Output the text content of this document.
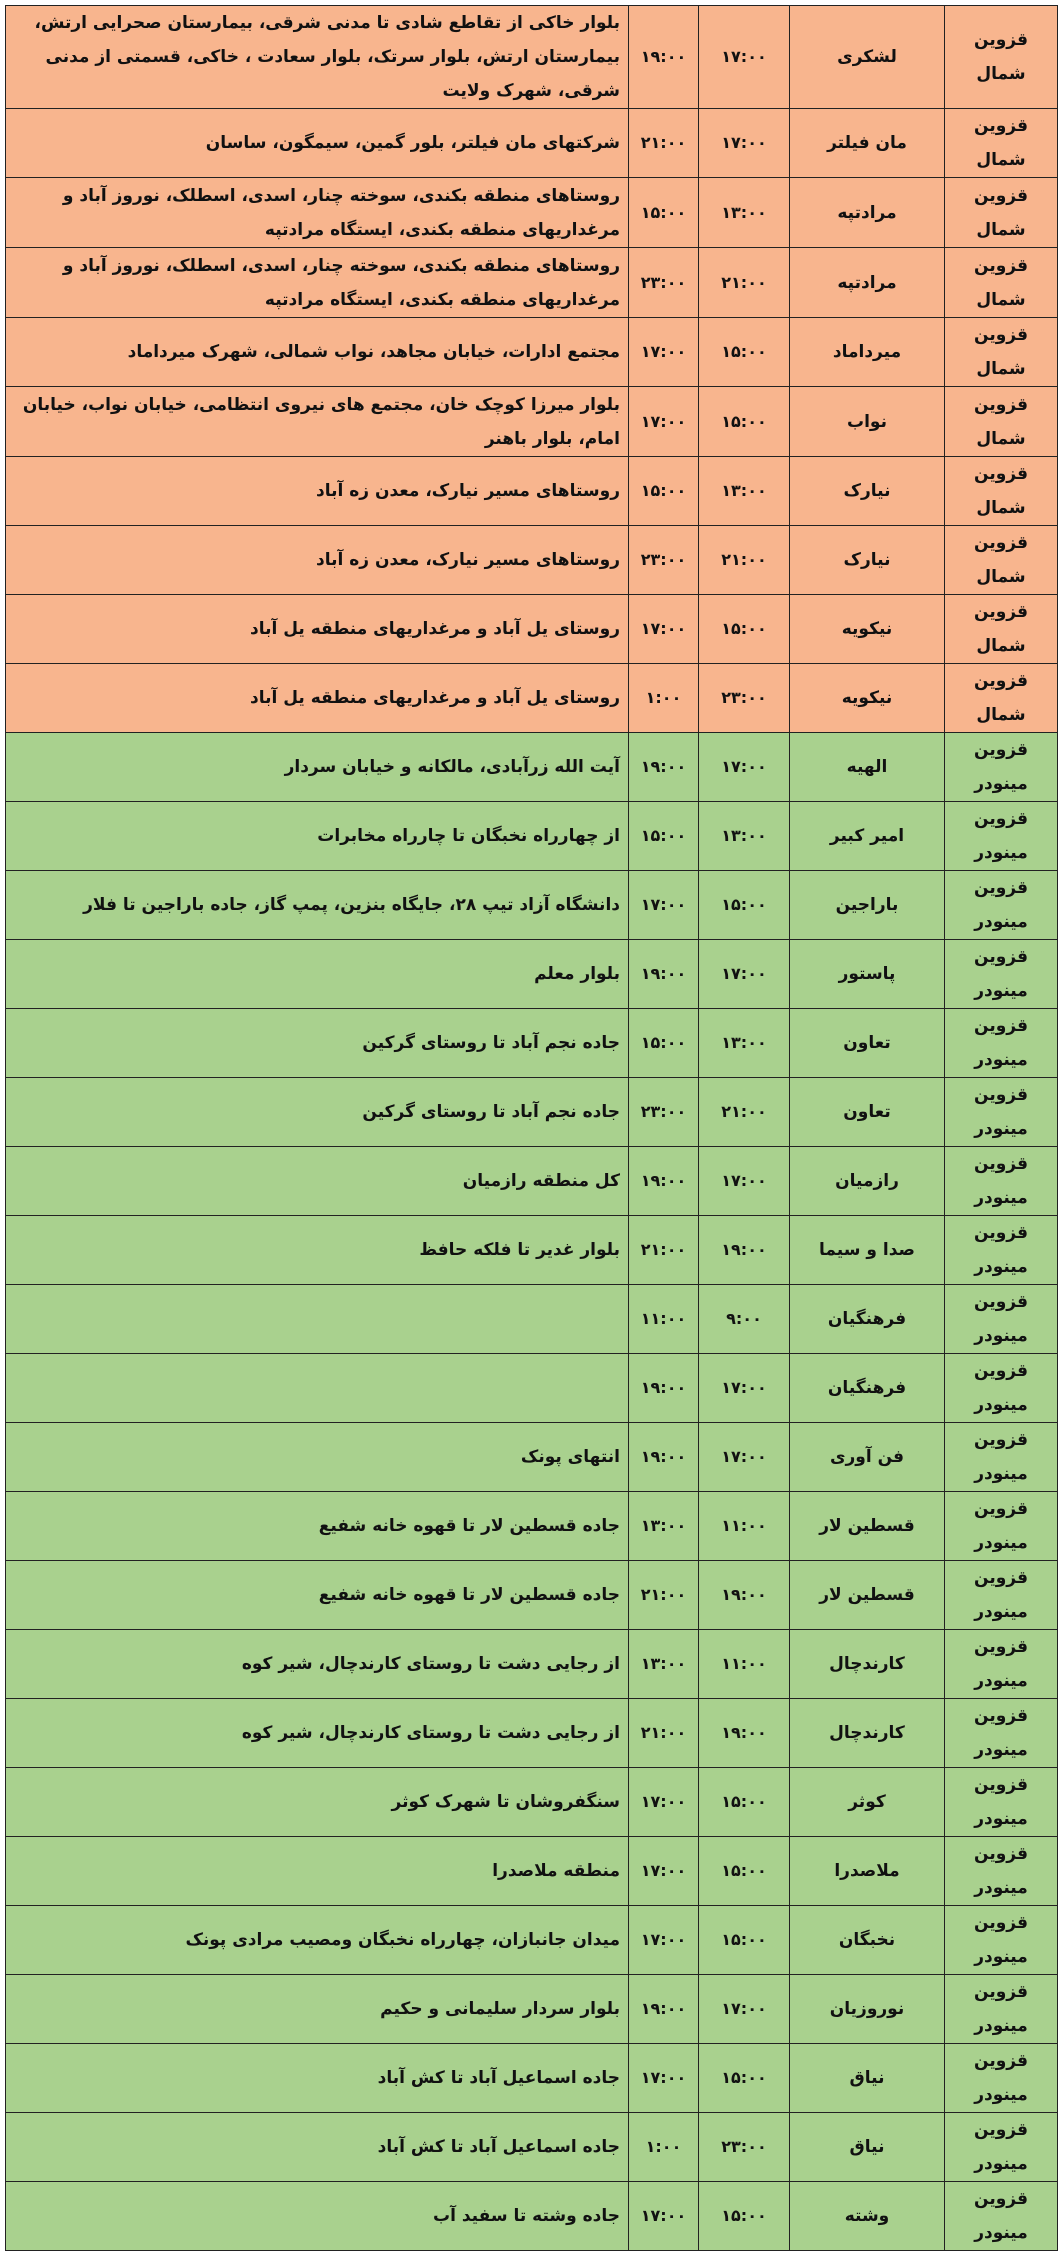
قزوین شمال	لشکری	۱۷:۰۰	۱۹:۰۰	بلوار خاکی از تقاطع شادی تا مدنی شرقی، بیمارستان صحرایی ارتش، بیمارستان ارتش، بلوار سرتک، بلوار سعادت ، خاکی، قسمتی از مدنی شرقی، شهرک ولایت
قزوین شمال	مان فیلتر	۱۷:۰۰	۲۱:۰۰	شرکتهای مان فیلتر، بلور گمین، سیمگون، ساسان
قزوین شمال	مرادتپه	۱۳:۰۰	۱۵:۰۰	روستاهای منطقه بکندی، سوخته چنار، اسدی، اسطلک، نوروز آباد و مرغداریهای منطقه بکندی، ایستگاه مرادتپه
قزوین شمال	مرادتپه	۲۱:۰۰	۲۳:۰۰	روستاهای منطقه بکندی، سوخته چنار، اسدی، اسطلک، نوروز آباد و مرغداریهای منطقه بکندی، ایستگاه مرادتپه
قزوین شمال	میرداماد	۱۵:۰۰	۱۷:۰۰	مجتمع ادارات، خیابان مجاهد، نواب شمالی، شهرک میرداماد
قزوین شمال	نواب	۱۵:۰۰	۱۷:۰۰	بلوار میرزا کوچک خان، مجتمع های نیروی انتظامی، خیابان نواب، خیابان امام، بلوار باهنر
قزوین شمال	نیارک	۱۳:۰۰	۱۵:۰۰	روستاهای مسیر نیارک، معدن زه آباد
قزوین شمال	نیارک	۲۱:۰۰	۲۳:۰۰	روستاهای مسیر نیارک، معدن زه آباد
قزوین شمال	نیکویه	۱۵:۰۰	۱۷:۰۰	روستای یل آباد و مرغداریهای منطقه یل آباد
قزوین شمال	نیکویه	۲۳:۰۰	۱:۰۰	روستای یل آباد و مرغداریهای منطقه یل آباد
قزوین مینودر	الهیه	۱۷:۰۰	۱۹:۰۰	آیت الله زرآبادی، مالکانه و خیابان سردار
قزوین مینودر	امیر کبیر	۱۳:۰۰	۱۵:۰۰	از چهارراه نخبگان تا چارراه مخابرات
قزوین مینودر	باراجین	۱۵:۰۰	۱۷:۰۰	دانشگاه آزاد تیپ ۲۸، جایگاه بنزین، پمپ گاز، جاده باراجین تا فلار
قزوین مینودر	پاستور	۱۷:۰۰	۱۹:۰۰	بلوار معلم
قزوین مینودر	تعاون	۱۳:۰۰	۱۵:۰۰	جاده نجم آباد تا روستای گرکین
قزوین مینودر	تعاون	۲۱:۰۰	۲۳:۰۰	جاده نجم آباد تا روستای گرکین
قزوین مینودر	رازمیان	۱۷:۰۰	۱۹:۰۰	کل منطقه رازمیان
قزوین مینودر	صدا و سیما	۱۹:۰۰	۲۱:۰۰	بلوار غدیر تا فلکه حافظ
قزوین مینودر	فرهنگیان	۹:۰۰	۱۱:۰۰	
قزوین مینودر	فرهنگیان	۱۷:۰۰	۱۹:۰۰	
قزوین مینودر	فن آوری	۱۷:۰۰	۱۹:۰۰	انتهای پونک
قزوین مینودر	قسطین لار	۱۱:۰۰	۱۳:۰۰	جاده قسطین لار تا قهوه خانه شفیع
قزوین مینودر	قسطین لار	۱۹:۰۰	۲۱:۰۰	جاده قسطین لار تا قهوه خانه شفیع
قزوین مینودر	کارندچال	۱۱:۰۰	۱۳:۰۰	از رجایی دشت تا روستای کارندچال، شیر کوه
قزوین مینودر	کارندچال	۱۹:۰۰	۲۱:۰۰	از رجایی دشت تا روستای کارندچال، شیر کوه
قزوین مینودر	کوثر	۱۵:۰۰	۱۷:۰۰	سنگفروشان تا شهرک کوثر
قزوین مینودر	ملاصدرا	۱۵:۰۰	۱۷:۰۰	منطقه ملاصدرا
قزوین مینودر	نخبگان	۱۵:۰۰	۱۷:۰۰	میدان جانبازان، چهارراه نخبگان ومصیب مرادی پونک
قزوین مینودر	نوروزیان	۱۷:۰۰	۱۹:۰۰	بلوار سردار سلیمانی و حکیم
قزوین مینودر	نیاق	۱۵:۰۰	۱۷:۰۰	جاده اسماعیل آباد تا کش آباد
قزوین مینودر	نیاق	۲۳:۰۰	۱:۰۰	جاده اسماعیل آباد تا کش آباد
قزوین مینودر	وشته	۱۵:۰۰	۱۷:۰۰	جاده وشته تا سفید آب
